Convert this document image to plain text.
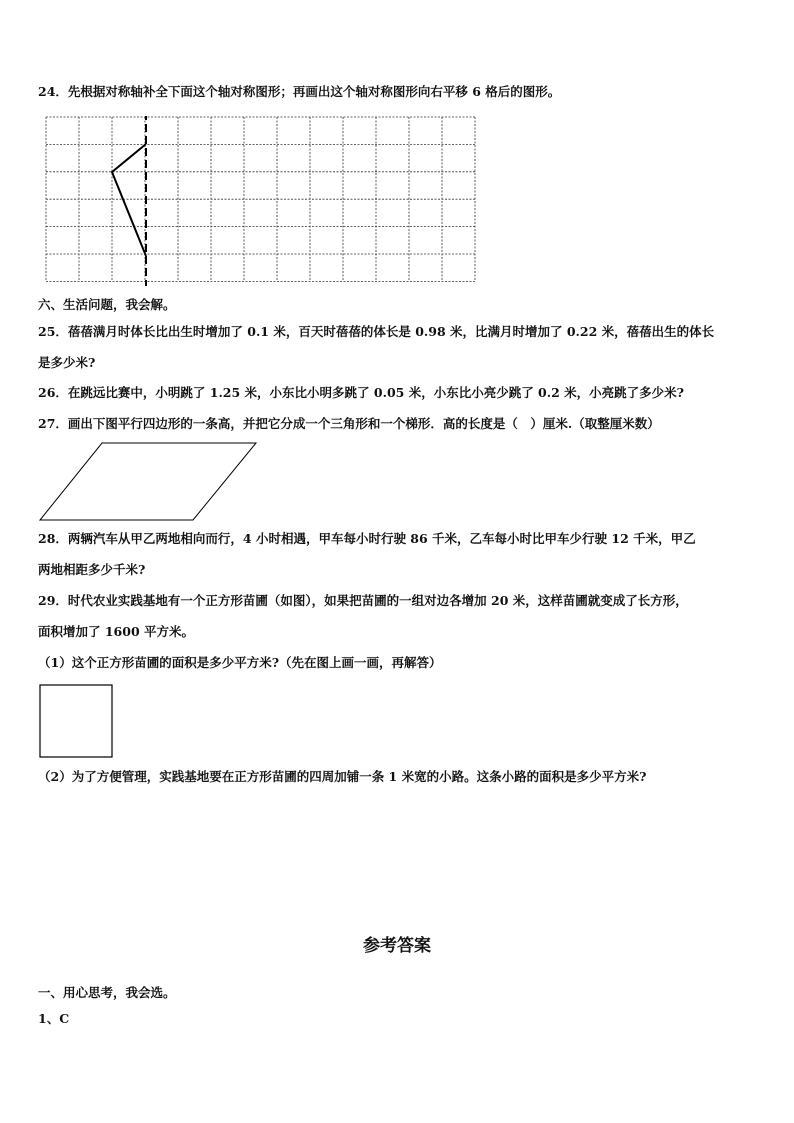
24．先根据对称轴补全下面这个轴对称图形；再画出这个轴对称图形向右平移 6 格后的图形。
六、生活问题，我会解。
25．蓓蓓满月时体长比出生时增加了 0.1 米，百天时蓓蓓的体长是 0.98 米，比满月时增加了 0.22 米，蓓蓓出生的体长
是多少米?
26．在跳远比赛中，小明跳了 1.25 米，小东比小明多跳了 0.05 米，小东比小亮少跳了 0.2 米，小亮跳了多少米?
27．画出下图平行四边形的一条高，并把它分成一个三角形和一个梯形．高的长度是（　）厘米.（取整厘米数）
28．两辆汽车从甲乙两地相向而行，4 小时相遇，甲车每小时行驶 86 千米，乙车每小时比甲车少行驶 12 千米，甲乙
两地相距多少千米?
29．时代农业实践基地有一个正方形苗圃（如图），如果把苗圃的一组对边各增加 20 米，这样苗圃就变成了长方形，
面积增加了 1600 平方米。
（1）这个正方形苗圃的面积是多少平方米?（先在图上画一画，再解答）
（2）为了方便管理，实践基地要在正方形苗圃的四周加铺一条 1 米宽的小路。这条小路的面积是多少平方米?
参考答案
一、用心思考，我会选。
1、C
